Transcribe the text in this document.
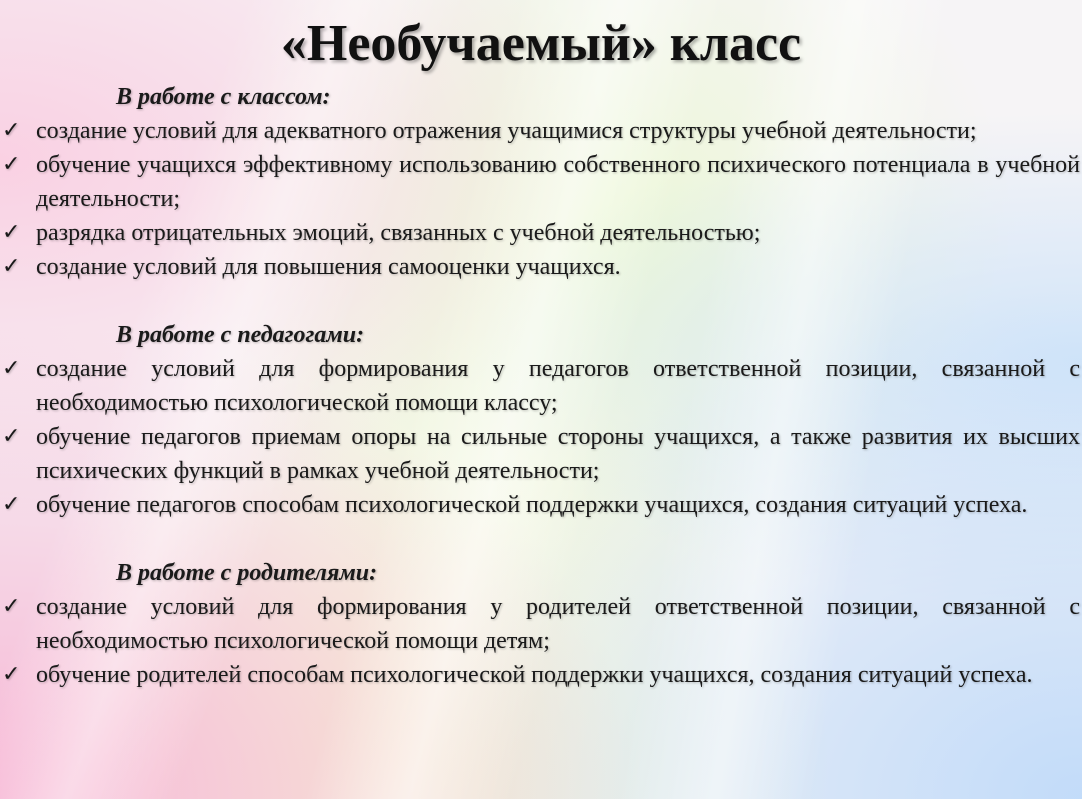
«Необучаемый» класс

В работе с классом:

✓ создание условий для адекватного отражения учащимися структуры учебной деятельности;
✓ обучение учащихся эффективному использованию собственного психического потенциала в учебной деятельности;
✓ разрядка отрицательных эмоций, связанных с учебной деятельностью;
✓ создание условий для повышения самооценки учащихся.

В работе с педагогами:

✓ создание условий для формирования у педагогов ответственной позиции, связанной с необходимостью психологической помощи классу;
✓ обучение педагогов приемам опоры на сильные стороны учащихся, а также развития их высших психических функций в рамках учебной деятельности;
✓ обучение педагогов способам психологической поддержки учащихся, создания ситуаций успеха.

В работе с родителями:

✓ создание условий для формирования у родителей ответственной позиции, связанной с необходимостью психологической помощи детям;
✓ обучение родителей способам психологической поддержки учащихся, создания ситуаций успеха.
